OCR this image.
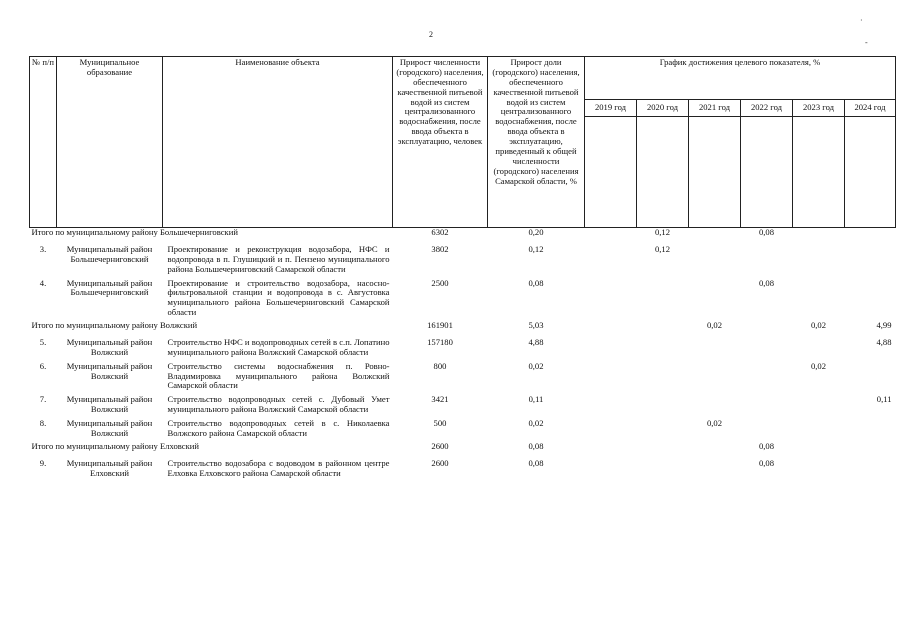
2
·
-
№ п/п	Муниципальное образование	Наименование объекта	Прирост численности (городского) населения, обеспеченного качественной питьевой водой из систем централизованного водоснабжения, после ввода объекта в эксплуатацию, человек	Прирост доли (городского) населения, обеспеченного качественной питьевой водой из систем централизованного водоснабжения, после ввода объекта в эксплуатацию, приведенный к общей численности (городского) населения Самарской области, %	График достижения целевого показателя, %					
					2019 год	2020 год	2021 год	2022 год	2023 год	2024 год

Итого по муниципальному району Большечерниговский			6302	0,20		0,12		0,08		
3.	Муниципальный район Большечерниговский	Проектирование и реконструкция водозабора, НФС и водопровода в п. Глушицкий и п. Пензено муниципального района Большечерниговский Самарской области	3802	0,12		0,12				
4.	Муниципальный район Большечерниговский	Проектирование и строительство водозабора, насосно-фильтровальной станции и водопровода в с. Августовка муниципального района Большечерниговский Самарской области	2500	0,08				0,08		
Итого по муниципальному району Волжский			161901	5,03			0,02		0,02	4,99
5.	Муниципальный район Волжский	Строительство НФС и водопроводных сетей в с.п. Лопатино муниципального района Волжский Самарской области	157180	4,88						4,88
6.	Муниципальный район Волжский	Строительство системы водоснабжения п. Ровно-Владимировка муниципального района Волжский Самарской области	800	0,02					0,02	
7.	Муниципальный район Волжский	Строительство водопроводных сетей с. Дубовый Умет муниципального района Волжский Самарской области	3421	0,11						0,11
8.	Муниципальный район Волжский	Строительство водопроводных сетей в с. Николаевка Волжского района Самарской области	500	0,02			0,02			
Итого по муниципальному району Елховский			2600	0,08				0,08		
9.	Муниципальный район Елховский	Строительство водозабора с водоводом в районном центре Елховка Елховского района Самарской области	2600	0,08				0,08		
